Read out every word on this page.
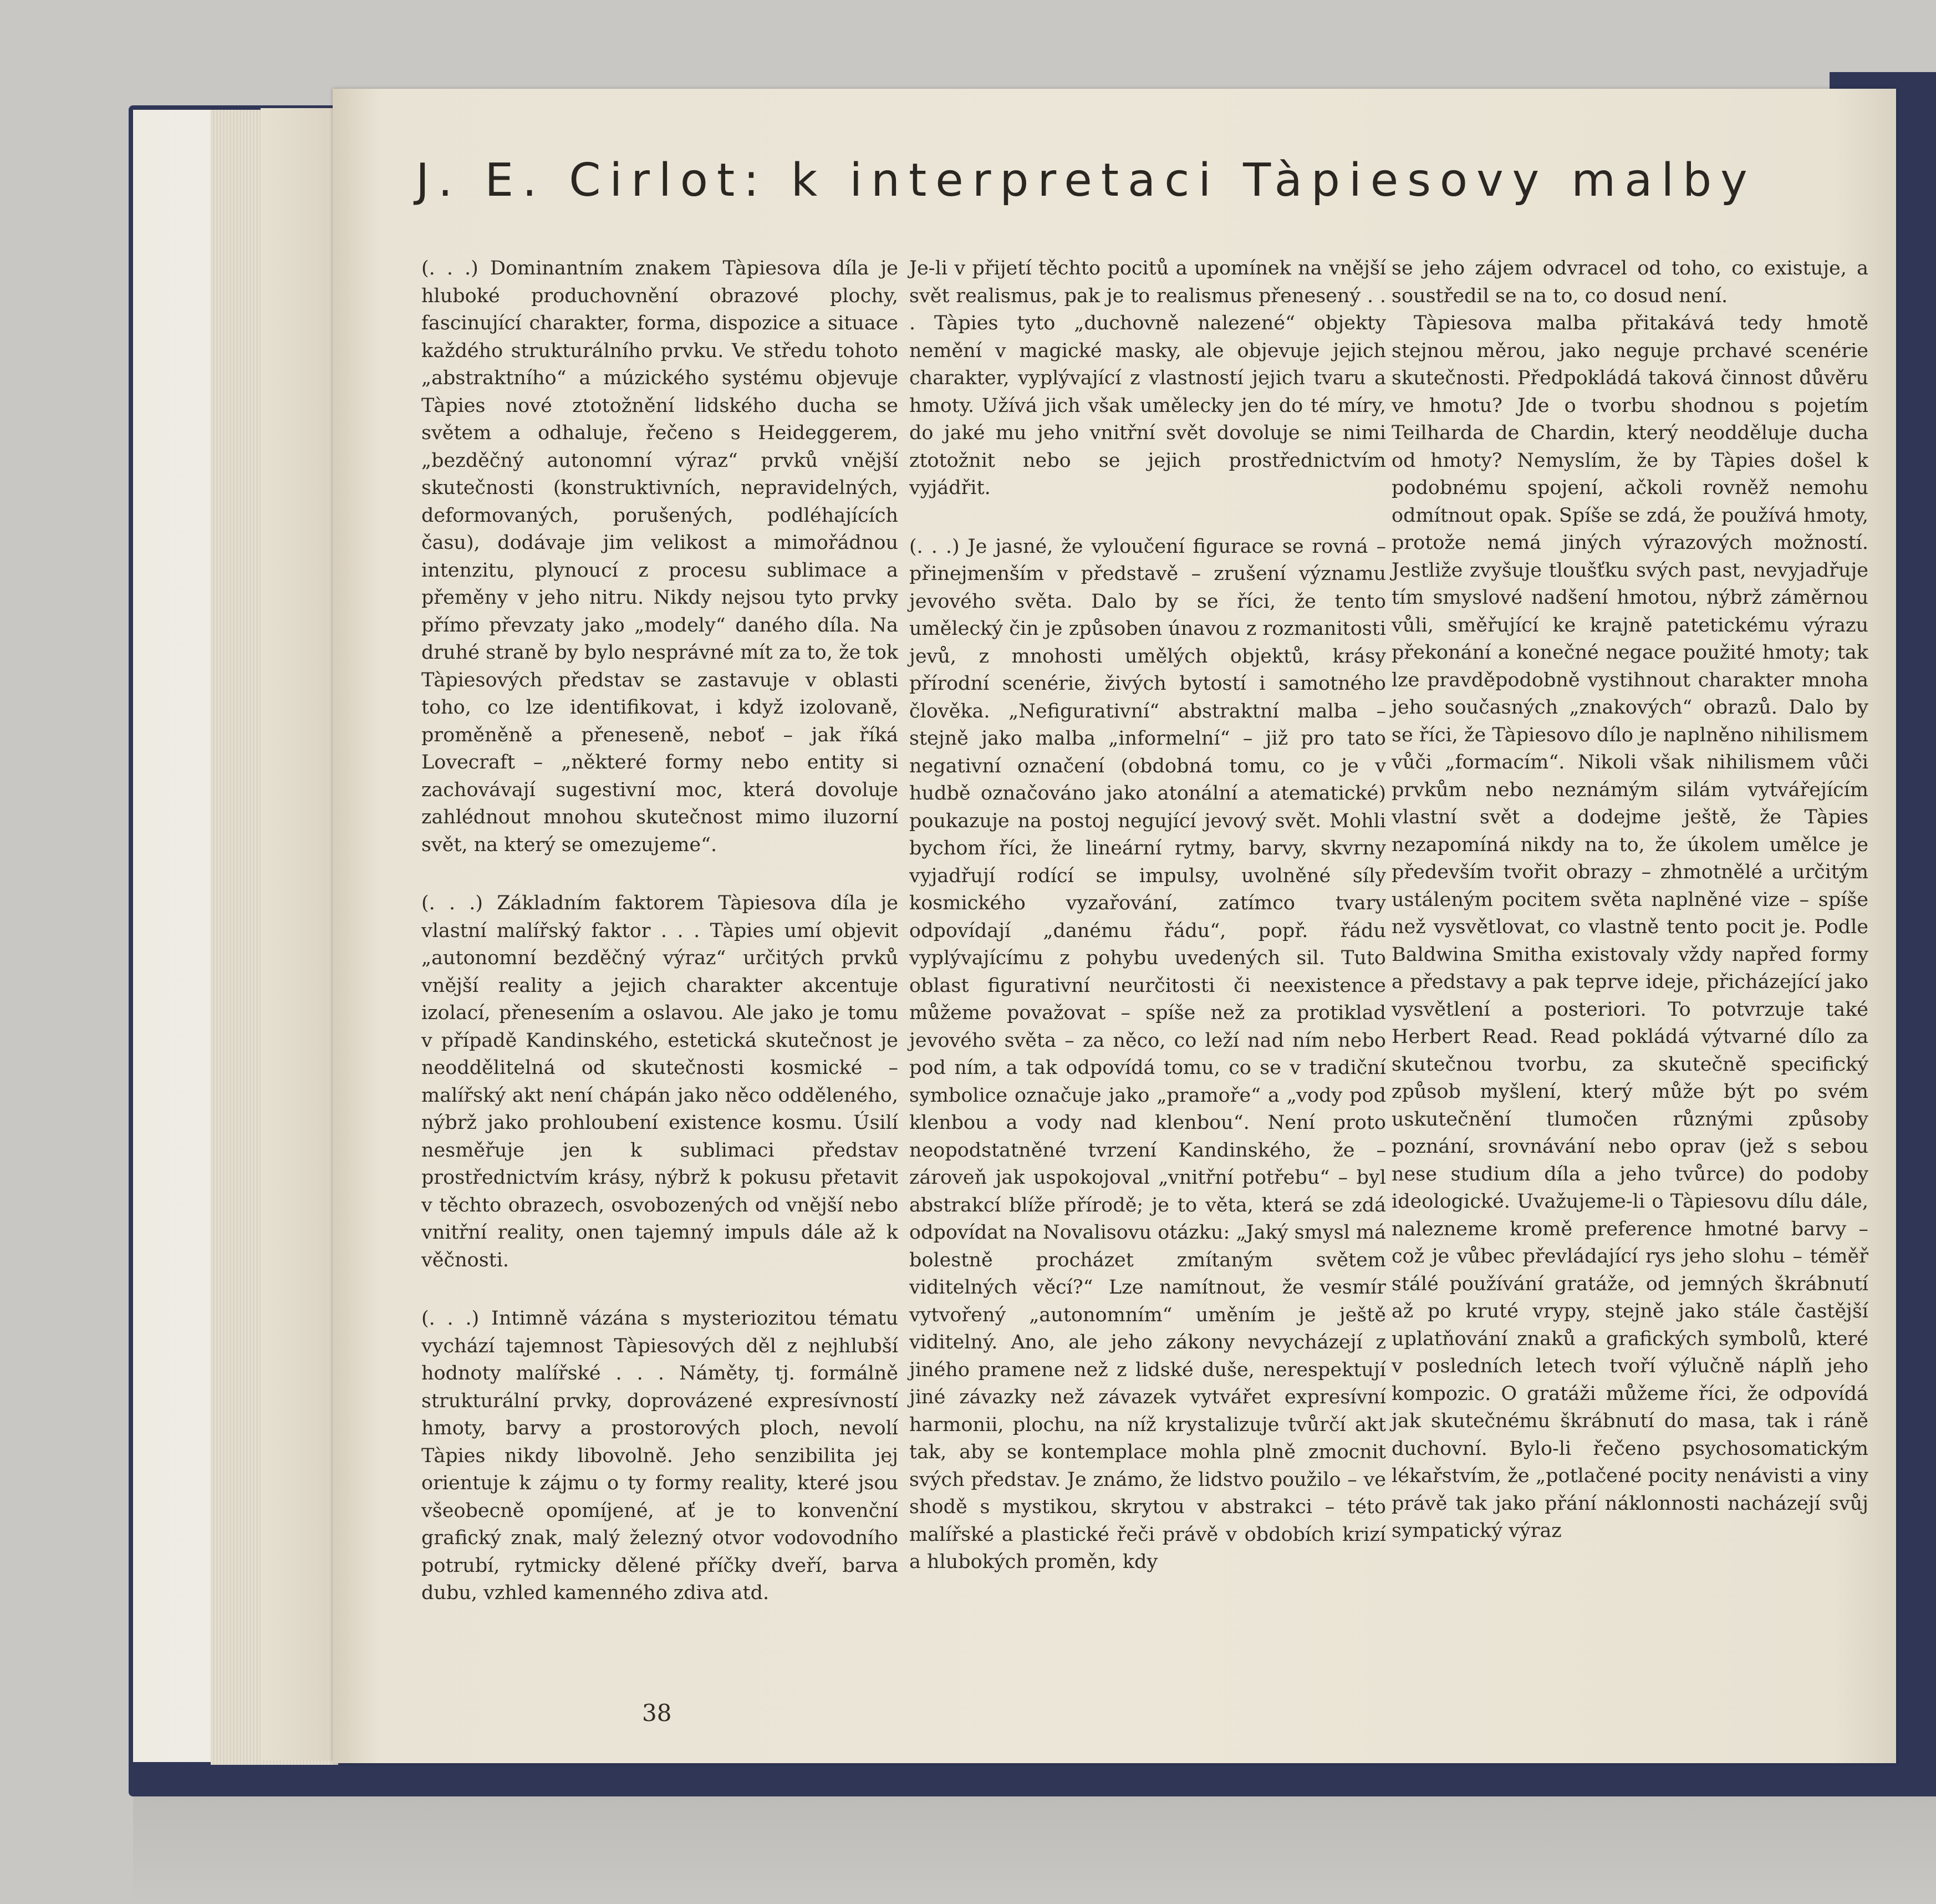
J. E. Cirlot: k interpretaci Tàpiesovy malby

(. . .) Dominantním znakem Tàpiesova díla je hluboké produchovnění obrazové plochy, fascinující charakter, forma, dispozice a situace každého strukturálního prvku. Ve středu tohoto „abstraktního“ a múzického systému objevuje Tàpies nové ztotožnění lidského ducha se světem a odhaluje, řečeno s Heideggerem, „bezděčný autonomní výraz“ prvků vnější skutečnosti (konstruktivních, nepravidelných, deformovaných, porušených, podléhajících času), dodávaje jim velikost a mimořádnou intenzitu, plynoucí z procesu sublimace a přeměny v jeho nitru. Nikdy nejsou tyto prvky přímo převzaty jako „modely“ daného díla. Na druhé straně by bylo nesprávné mít za to, že tok Tàpiesových představ se zastavuje v oblasti toho, co lze identifikovat, i když izolovaně, proměněně a přeneseně, neboť – jak říká Lovecraft – „některé formy nebo entity si zachovávají sugestivní moc, která dovoluje zahlédnout mnohou skutečnost mimo iluzorní svět, na který se omezujeme“.

(. . .) Základním faktorem Tàpiesova díla je vlastní malířský faktor . . . Tàpies umí objevit „autonomní bezděčný výraz“ určitých prvků vnější reality a jejich charakter akcentuje izolací, přenesením a oslavou. Ale jako je tomu v případě Kandinského, estetická skutečnost je neoddělitelná od skutečnosti kosmické – malířský akt není chápán jako něco odděleného, nýbrž jako prohloubení existence kosmu. Úsilí nesměřuje jen k sublimaci představ prostřednictvím krásy, nýbrž k pokusu přetavit v těchto obrazech, osvobozených od vnější nebo vnitřní reality, onen tajemný impuls dále až k věčnosti.

(. . .) Intimně vázána s mysteriozitou tématu vychází tajemnost Tàpiesových děl z nejhlubší hodnoty malířské . . . Náměty, tj. formálně strukturální prvky, doprovázené expresívností hmoty, barvy a prostorových ploch, nevolí Tàpies nikdy libovolně. Jeho senzibilita jej orientuje k zájmu o ty formy reality, které jsou všeobecně opomíjené, ať je to konvenční grafický znak, malý železný otvor vodovodního potrubí, rytmicky dělené příčky dveří, barva dubu, vzhled kamenného zdiva atd.

Je-li v přijetí těchto pocitů a upomínek na vnější svět realismus, pak je to realismus přenesený . . . Tàpies tyto „duchovně nalezené“ objekty nemění v magické masky, ale objevuje jejich charakter, vyplývající z vlastností jejich tvaru a hmoty. Užívá jich však umělecky jen do té míry, do jaké mu jeho vnitřní svět dovoluje se nimi ztotožnit nebo se jejich prostřednictvím vyjádřit.

(. . .) Je jasné, že vyloučení figurace se rovná – přinejmenším v představě – zrušení významu jevového světa. Dalo by se říci, že tento umělecký čin je způsoben únavou z rozmanitosti jevů, z mnohosti umělých objektů, krásy přírodní scenérie, živých bytostí i samotného člověka. „Nefigurativní“ abstraktní malba – stejně jako malba „informelní“ – již pro tato negativní označení (obdobná tomu, co je v hudbě označováno jako atonální a atematické) poukazuje na postoj negující jevový svět. Mohli bychom říci, že lineární rytmy, barvy, skvrny vyjadřují rodící se impulsy, uvolněné síly kosmického vyzařování, zatímco tvary odpovídají „danému řádu“, popř. řádu vyplývajícímu z pohybu uvedených sil. Tuto oblast figurativní neurčitosti či neexistence můžeme považovat – spíše než za protiklad jevového světa – za něco, co leží nad ním nebo pod ním, a tak odpovídá tomu, co se v tradiční symbolice označuje jako „pramoře“ a „vody pod klenbou a vody nad klenbou“. Není proto neopodstatněné tvrzení Kandinského, že – zároveň jak uspokojoval „vnitřní potřebu“ – byl abstrakcí blíže přírodě; je to věta, která se zdá odpovídat na Novalisovu otázku: „Jaký smysl má bolestně procházet zmítaným světem viditelných věcí?“ Lze namítnout, že vesmír vytvořený „autonomním“ uměním je ještě viditelný. Ano, ale jeho zákony nevycházejí z jiného pramene než z lidské duše, nerespektují jiné závazky než závazek vytvářet expresívní harmonii, plochu, na níž krystalizuje tvůrčí akt tak, aby se kontemplace mohla plně zmocnit svých představ. Je známo, že lidstvo použilo – ve shodě s mystikou, skrytou v abstrakci – této malířské a plastické řeči právě v obdobích krizí a hlubokých proměn, kdy

se jeho zájem odvracel od toho, co existuje, a soustředil se na to, co dosud není.

Tàpiesova malba přitakává tedy hmotě stejnou měrou, jako neguje prchavé scenérie skutečnosti. Předpokládá taková činnost důvěru ve hmotu? Jde o tvorbu shodnou s pojetím Teilharda de Chardin, který neodděluje ducha od hmoty? Nemyslím, že by Tàpies došel k podobnému spojení, ačkoli rovněž nemohu odmítnout opak. Spíše se zdá, že používá hmoty, protože nemá jiných výrazových možností. Jestliže zvyšuje tloušťku svých past, nevyjadřuje tím smyslové nadšení hmotou, nýbrž záměrnou vůli, směřující ke krajně patetickému výrazu překonání a konečné negace použité hmoty; tak lze pravděpodobně vystihnout charakter mnoha jeho současných „znakových“ obrazů. Dalo by se říci, že Tàpiesovo dílo je naplněno nihilismem vůči „formacím“. Nikoli však nihilismem vůči prvkům nebo neznámým silám vytvářejícím vlastní svět a dodejme ještě, že Tàpies nezapomíná nikdy na to, že úkolem umělce je především tvořit obrazy – zhmotnělé a určitým ustáleným pocitem světa naplněné vize – spíše než vysvětlovat, co vlastně tento pocit je. Podle Baldwina Smitha existovaly vždy napřed formy a představy a pak teprve ideje, přicházející jako vysvětlení a posteriori. To potvrzuje také Herbert Read. Read pokládá výtvarné dílo za skutečnou tvorbu, za skutečně specifický způsob myšlení, který může být po svém uskutečnění tlumočen různými způsoby poznání, srovnávání nebo oprav (jež s sebou nese studium díla a jeho tvůrce) do podoby ideologické. Uvažujeme-li o Tàpiesovu dílu dále, nalezneme kromě preference hmotné barvy – což je vůbec převládající rys jeho slohu – téměř stálé používání gratáže, od jemných škrábnutí až po kruté vrypy, stejně jako stále častější uplatňování znaků a grafických symbolů, které v posledních letech tvoří výlučně náplň jeho kompozic. O gratáži můžeme říci, že odpovídá jak skutečnému škrábnutí do masa, tak i ráně duchovní. Bylo-li řečeno psychosomatickým lékařstvím, že „potlačené pocity nenávisti a viny právě tak jako přání náklonnosti nacházejí svůj sympatický výraz

38
